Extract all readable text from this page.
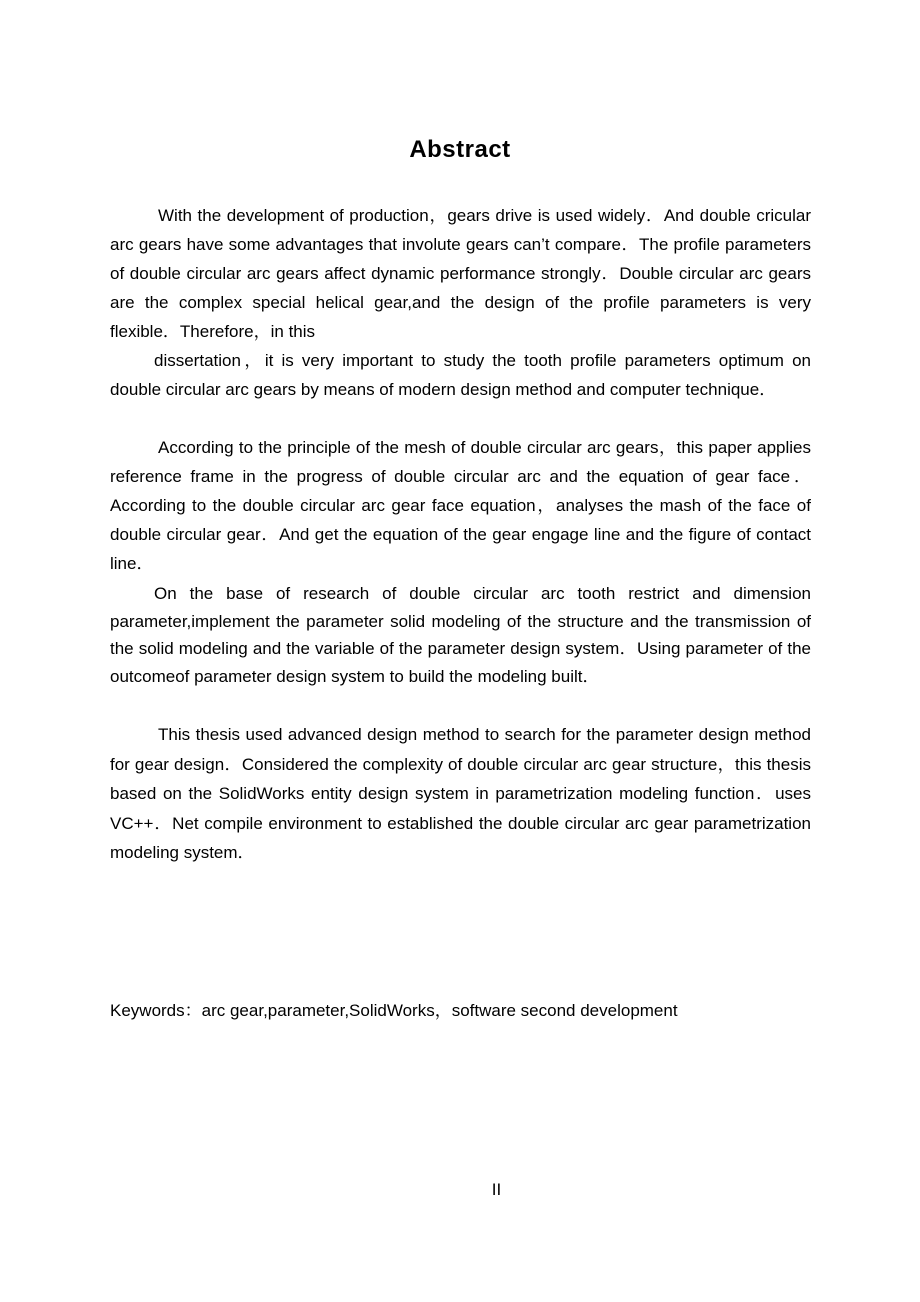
Abstract

With the development of production，gears drive is used widely．And double cricular arc gears have some advantages that involute gears can’t compare．The profile parameters of double circular arc gears affect dynamic performance strongly．Double circular arc gears are the complex special helical gear,and the design of the profile parameters is very flexible．Therefore，in this

dissertation，it is very important to study the tooth profile parameters optimum on double circular arc gears by means of modern design method and computer technique．

According to the principle of the mesh of double circular arc gears，this paper applies reference frame in the progress of double circular arc and the equation of gear face．According to the double circular arc gear face equation，analyses the mash of the face of double circular gear．And get the equation of the gear engage line and the figure of contact line．

On the base of research of double circular arc tooth restrict and dimension parameter,implement the parameter solid modeling of the structure and the transmission of the solid modeling and the variable of the parameter design system．Using parameter of the outcomeof parameter design system to build the modeling built．

This thesis used advanced design method to search for the parameter design method for gear design．Considered the complexity of double circular arc gear structure，this thesis based on the SolidWorks entity design system in parametrization modeling function．uses VC++．Net compile environment to established the double circular arc gear parametrization modeling system．

Keywords：arc gear,parameter,SolidWorks，software second development
II
